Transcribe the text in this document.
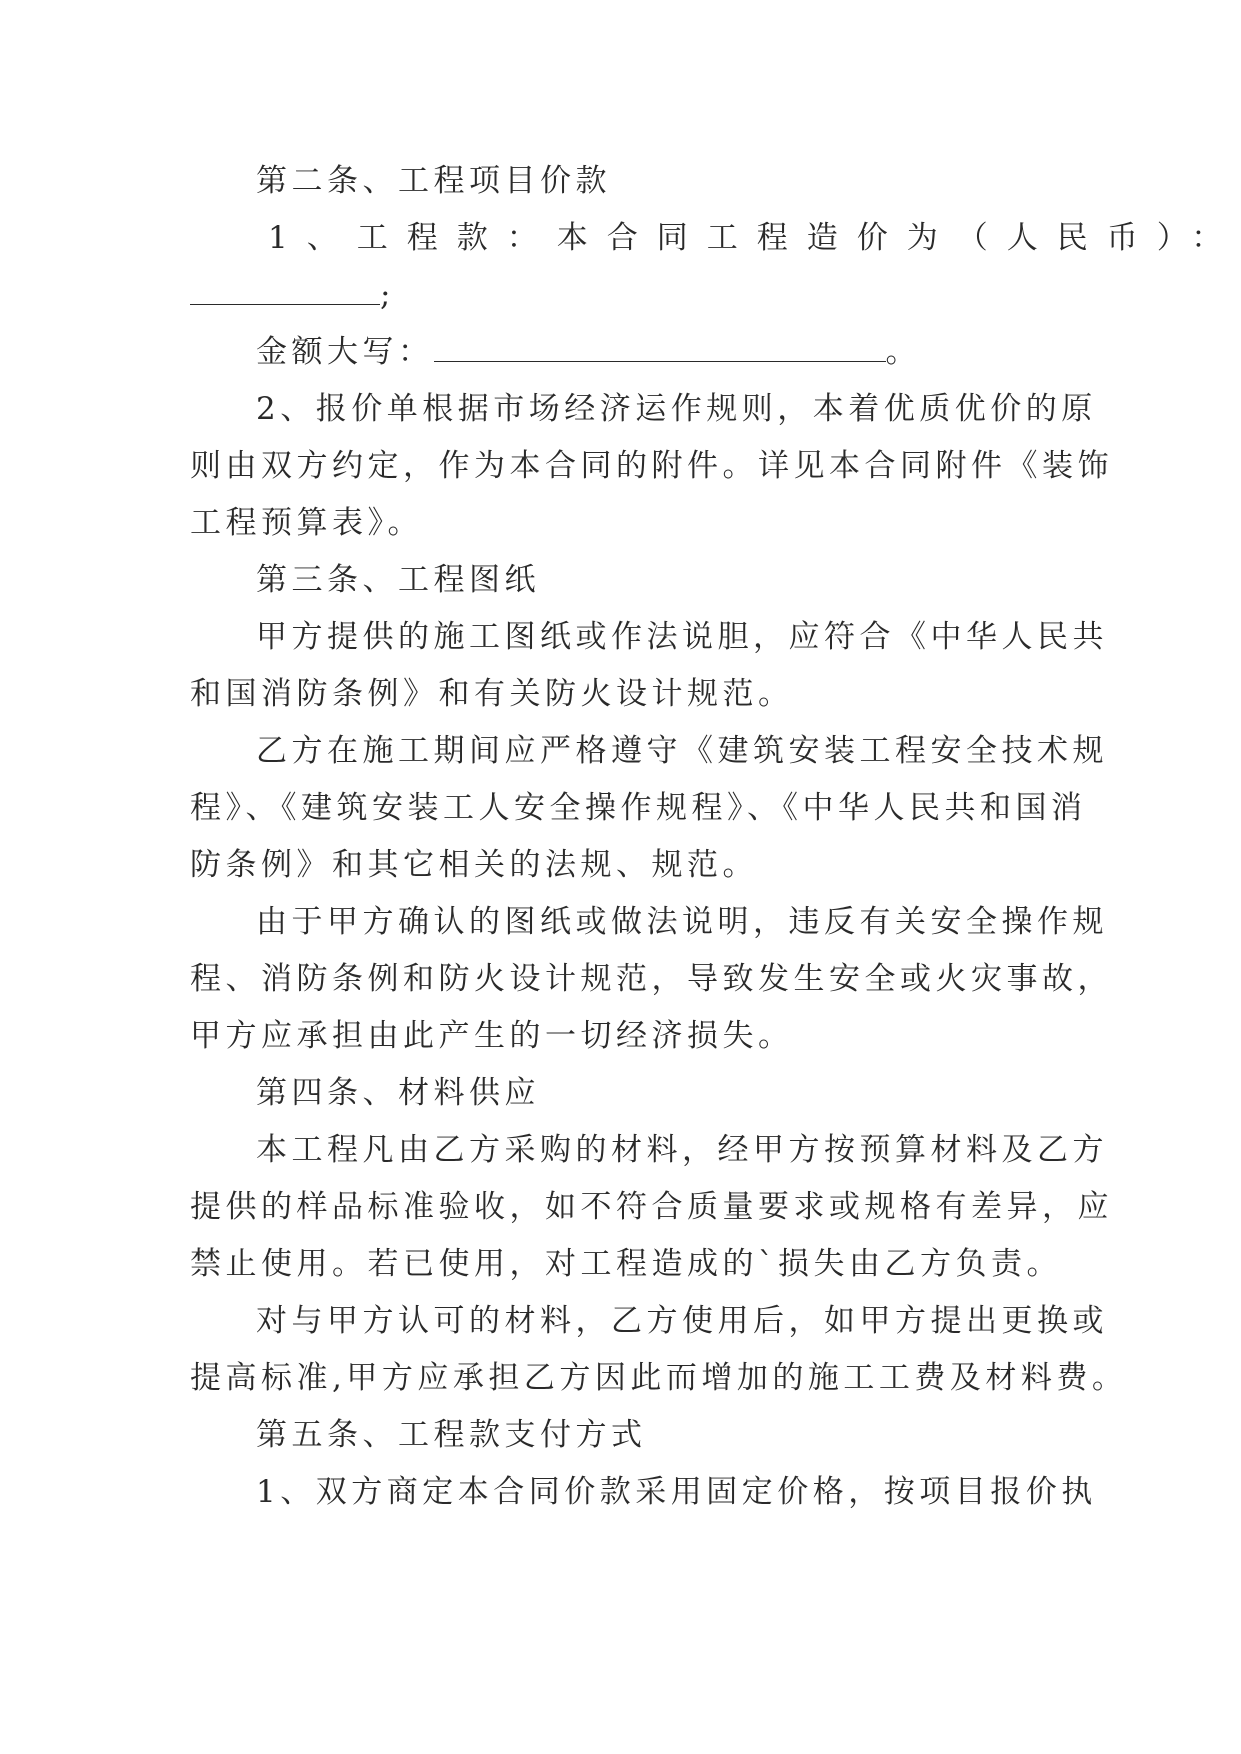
第二条、工程项目价款
1、工程款：本合同工程造价为（人民币）：
;
金额大写：	。
2、报价单根据市场经济运作规则，本着优质优价的原
则由双方约定，作为本合同的附件。详见本合同附件《装饰
工程预算表》。
第三条、工程图纸
甲方提供的施工图纸或作法说胆，应符合《中华人民共
和国消防条例》和有关防火设计规范。
乙方在施工期间应严格遵守《建筑安装工程安全技术规
程》、《建筑安装工人安全操作规程》、《中华人民共和国消
防条例》和其它相关的法规、规范。
由于甲方确认的图纸或做法说明，违反有关安全操作规
程、消防条例和防火设计规范，导致发生安全或火灾事故，
甲方应承担由此产生的一切经济损失。
第四条、材料供应
本工程凡由乙方采购的材料，经甲方按预算材料及乙方
提供的样品标准验收，如不符合质量要求或规格有差异，应
禁止使用。若已使用，对工程造成的`损失由乙方负责。
对与甲方认可的材料，乙方使用后，如甲方提出更换或
提高标准,甲方应承担乙方因此而增加的施工工费及材料费。
第五条、工程款支付方式
1、双方商定本合同价款采用固定价格，按项目报价执
